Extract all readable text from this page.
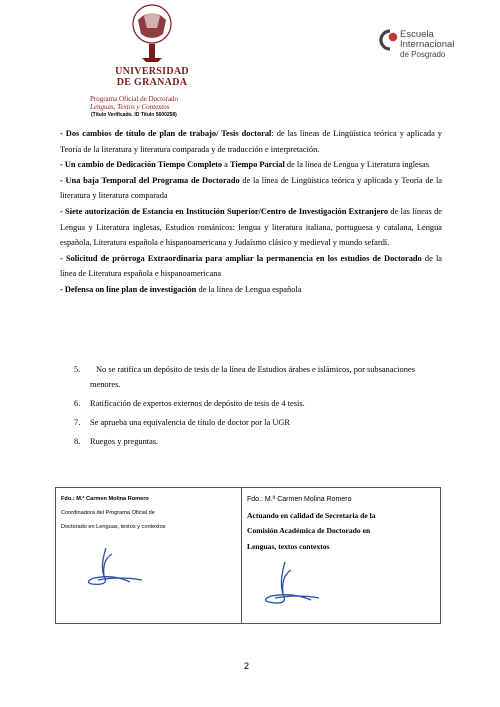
UNIVERSIDAD
DE GRANADA
Programa Oficial de Doctorado
Lenguas, Textos y Contextos
(Título Verificado. ID Título 5600258)
Escuela
Internacional
de Posgrado

- Dos cambios de título de plan de trabajo/ Tesis doctoral: de las líneas de Lingüística teórica y aplicada y Teoría de la literatura y literatura comparada y de traducción e interpretación.

- Un cambio de Dedicación Tiempo Completo a Tiempo Parcial de la línea de Lengua y Literatura inglesas

- Una baja Temporal del Programa de Doctorado de la línea de Lingüística teórica y aplicada y Teoría de la literatura y literatura comparada

- Siete autorización de Estancia en Institución Superior/Centro de Investigación Extranjero de las líneas de Lengua y Literatura inglesas, Estudios románicos: lengua y literatura italiana, portuguesa y catalana, Lengua española, Literatura española e hispanoamericana y Judaísmo clásico y medieval y mundo sefardí.

- Solicitud de prórroga Extraordinaria para ampliar la permanencia en los estudios de Doctorado de la línea de Literatura española e hispanoamericana

- Defensa on line plan de investigación de la línea de Lengua española

5. No se ratifica un depósito de tesis de la línea de Estudios árabes e islámicos, por subsanaciones menores.
6. Ratificación de expertos externos de depósito de tesis de 4 tesis.
7. Se aprueba una equivalencia de título de doctor por la UGR
8. Ruegos y preguntas.
Fdo.: M.ª Carmen Molina Romero
Coordinadora del Programa Oficial de
Doctorado en Lenguas, textos y contextos

Fdo.: M.ª Carmen Molina Romero
Actuando en calidad de Secretaria de la
Comisión Académica de Doctorado en
Lenguas, textos contextos
2
